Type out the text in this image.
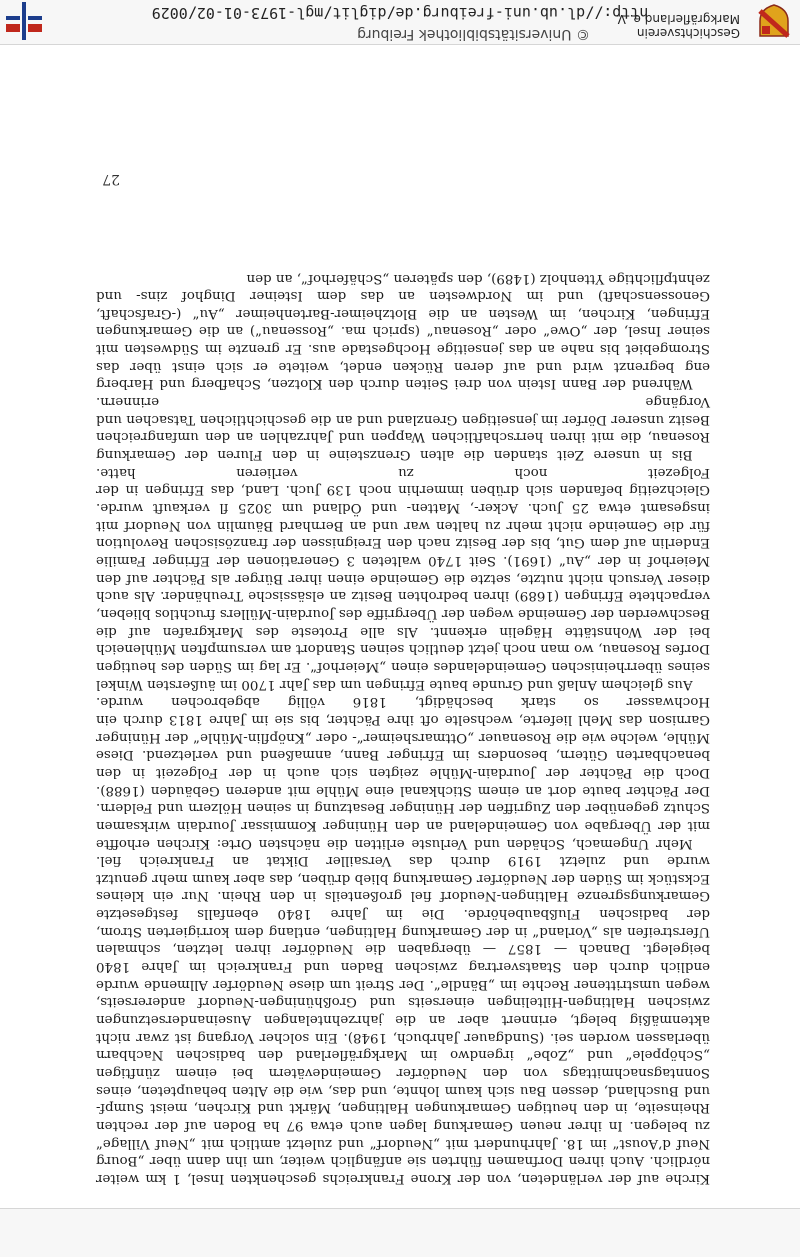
Geschichtsverein
Markgräflerland e. V.
© Universitätsbibliothek Freiburg
http://dl.ub.uni-freiburg.de/diglit/mgl-1973-01-02/0029

Kirche auf der verländeten, von der Krone Frankreichs geschenkten Insel, 1 km weiter nördlich. Auch ihren Dorfnamen führten sie anfänglich weiter, um ihn dann über „Bourg Neuf d’Aoust“ im 18. Jahrhundert mit „Neudorf“ und zuletzt amtlich mit „Neuf Village“ zu belegen. In ihrer neuen Gemarkung lagen auch etwa 97 ha Boden auf der rechten Rheinseite, in den heutigen Gemarkungen Haltingen, Märkt und Kirchen, meist Sumpf- und Buschland, dessen Bau sich kaum lohnte, und das, wie die Alten behaupteten, eines Sonntagsnachmittags von den Neudörfer Gemeindevätern bei einem zünftigen „Schöppele“ und „Zobe“ irgendwo im Markgräflerland den badischen Nachbarn überlassen worden sei. (Sundgauer Jahrbuch, 1948). Ein solcher Vorgang ist zwar nicht aktenmäßig belegt, erinnert aber an die jahrzehntelangen Auseinandersetzungen zwischen Haltingen-Hiltelingen einerseits und Großhüningen-Neudorf andererseits, wegen umstrittener Rechte im „Bändle“. Der Streit um diese Neudörfer Allmende wurde endlich durch den Staatsvertrag zwischen Baden und Frankreich im Jahre 1840 beigelegt. Danach — 1857 — übergaben die Neudörfer ihren letzten, schmalen Uferstreifen als „Vorland“ in der Gemarkung Haltingen, entlang dem korrigierten Strom, der badischen Flußbaubehörde. Die im Jahre 1840 ebenfalls festgesetzte Gemarkungsgrenze Haltingen-Neudorf fiel großenteils in den Rhein. Nur ein kleines Eckstück im Süden der Neudörfer Gemarkung blieb drüben, das aber kaum mehr genutzt wurde und zuletzt 1919 durch das Versailler Diktat an Frankreich fiel.

Mehr Ungemach, Schäden und Verluste erlitten die nächsten Orte: Kirchen erhoffte mit der Übergabe von Gemeindeland an den Hüninger Kommissar Jourdain wirksamen Schutz gegenüber den Zugriffen der Hüninger Besatzung in seinen Hölzern und Feldern. Der Pächter baute dort an einem Stichkanal eine Mühle mit anderen Gebäuden (1688). Doch die Pächter der Jourdain-Mühle zeigten sich auch in der Folgezeit in den benachbarten Gütern, besonders im Efringer Bann, anmaßend und verletzend. Diese Mühle, welche wie die Rosenauer „Ottmarsheimer“- oder „Knöpflin-Mühle“ der Hüninger Garnison das Mehl lieferte, wechselte oft ihre Pächter, bis sie im Jahre 1813 durch ein Hochwasser so stark beschädigt, 1816 völlig abgebrochen wurde.

Aus gleichem Anlaß und Grunde baute Efringen um das Jahr 1700 im äußersten Winkel seines überrheinischen Gemeindelandes einen „Meierhof“. Er lag im Süden des heutigen Dorfes Rosenau, wo man noch jetzt deutlich seinen Standort am versumpften Mühleneich bei der Wohnstätte Hägelin erkennt. Als alle Proteste des Markgrafen auf die Beschwerden der Gemeinde wegen der Übergriffe des Jourdain-Müllers fruchtlos blieben, verpachtete Efringen (1689) ihren bedrohten Besitz an elsässische Treuhänder. Als auch dieser Versuch nicht nutzte, setzte die Gemeinde einen ihrer Bürger als Pächter auf den Meierhof in der „Au“ (1691). Seit 1740 walteten 3 Generationen der Efringer Familie Enderlin auf dem Gut, bis der Besitz nach den Ereignissen der französischen Revolution für die Gemeinde nicht mehr zu halten war und an Bernhard Bäumlin von Neudorf mit insgesamt etwa 25 Juch. Acker-, Matten- und Ödland um 3025 fl verkauft wurde. Gleichzeitig befanden sich drüben immerhin noch 139 Juch. Land, das Efringen in der Folgezeit noch zu verlieren hatte.

Bis in unsere Zeit standen die alten Grenzsteine in den Fluren der Gemarkung Rosenau, die mit ihren herrschaftlichen Wappen und Jahrzahlen an den umfangreichen Besitz unserer Dörfer im jenseitigen Grenzland und an die geschichtlichen Tatsachen und Vorgänge erinnern.

Während der Bann Istein von drei Seiten durch den Klotzen, Schafberg und Harberg eng begrenzt wird und auf deren Rücken endet, weitete er sich einst über das Stromgebiet bis nahe an das jenseitige Hochgestade aus. Er grenzte im Südwesten mit seiner Insel, der „Owe“ oder „Rosenau“ (sprich ma. „Rossenau“) an die Gemarkungen Efringen, Kirchen, im Westen an die Blotzheimer-Bartenheimer „Au“ (-Grafschaft, Genossenschaft) und im Nordwesten an das dem Isteiner Dinghof zins- und zehntpflichtige Yttenholz (1489), den späteren „Schäferhof“, an den

27
